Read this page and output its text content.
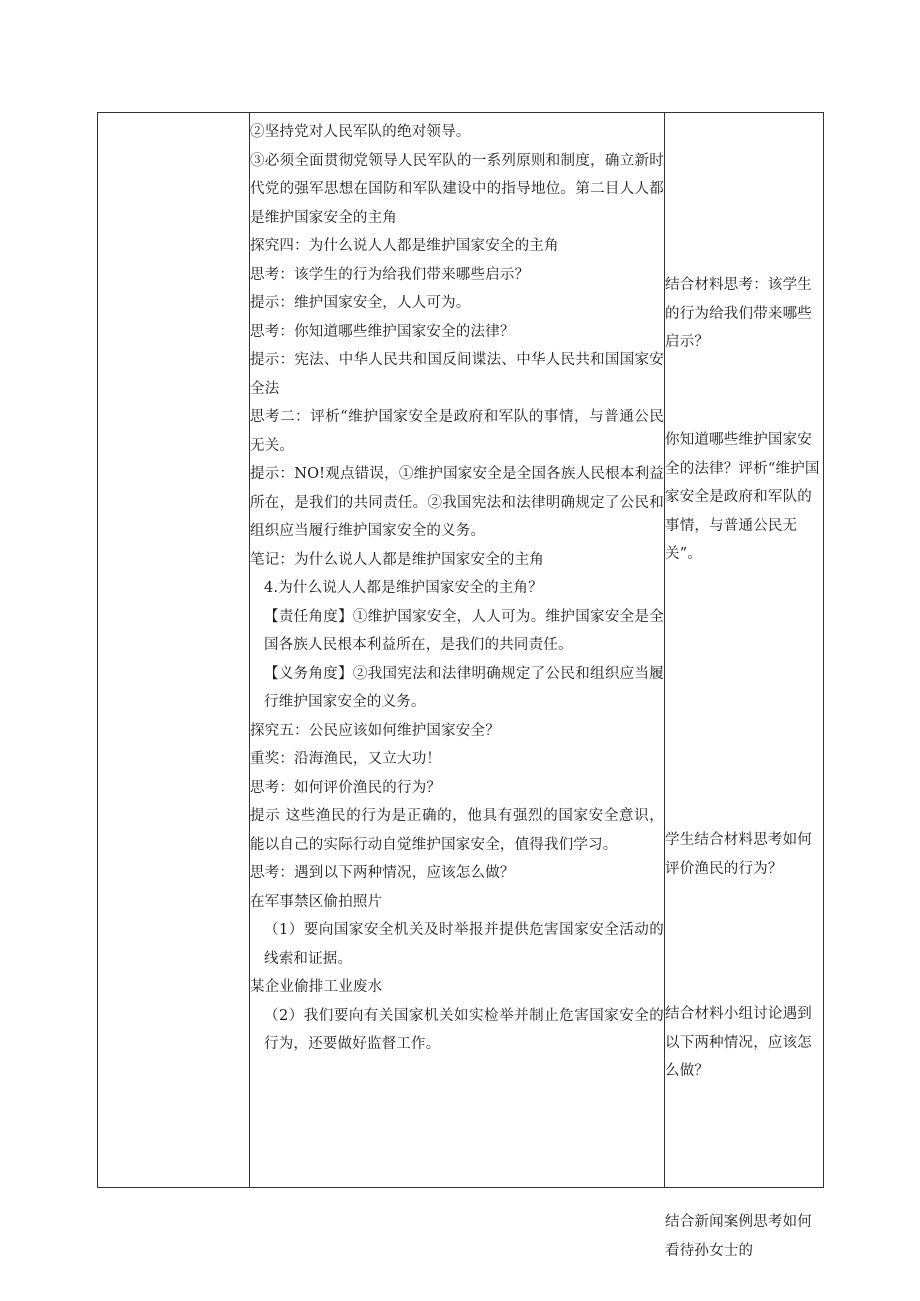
②坚持党对人民军队的绝对领导。

③必须全面贯彻党领导人民军队的一系列原则和制度，确立新时代党的强军思想在国防和军队建设中的指导地位。第二目人人都是维护国家安全的主角

探究四：为什么说人人都是维护国家安全的主角

思考：该学生的行为给我们带来哪些启示？

提示：维护国家安全，人人可为。

思考：你知道哪些维护国家安全的法律？

提示：宪法、中华人民共和国反间谍法、中华人民共和国国家安全法

思考二：评析“维护国家安全是政府和军队的事情，与普通公民无关。

提示：NO!观点错误，①维护国家安全是全国各族人民根本利益所在，是我们的共同责任。②我国宪法和法律明确规定了公民和组织应当履行维护国家安全的义务。

笔记：为什么说人人都是维护国家安全的主角

4.为什么说人人都是维护国家安全的主角？

【责任角度】①维护国家安全，人人可为。维护国家安全是全国各族人民根本利益所在，是我们的共同责任。

【义务角度】②我国宪法和法律明确规定了公民和组织应当履行维护国家安全的义务。

探究五：公民应该如何维护国家安全？

重奖：沿海渔民，又立大功！

思考：如何评价渔民的行为？

提示 这些渔民的行为是正确的，他具有强烈的国家安全意识，能以自己的实际行动自觉维护国家安全，值得我们学习。

思考：遇到以下两种情况，应该怎么做？

在军事禁区偷拍照片

（1）要向国家安全机关及时举报并提供危害国家安全活动的线索和证据。

某企业偷排工业废水

（2）我们要向有关国家机关如实检举并制止危害国家安全的行为，还要做好监督工作。

结合材料思考：该学生的行为给我们带来哪些启示？

你知道哪些维护国家安全的法律？评析“维护国家安全是政府和军队的事情，与普通公民无关”。

学生结合材料思考如何评价渔民的行为？

结合材料小组讨论遇到以下两种情况，应该怎么做？

结合新闻案例思考如何看待孙女士的
